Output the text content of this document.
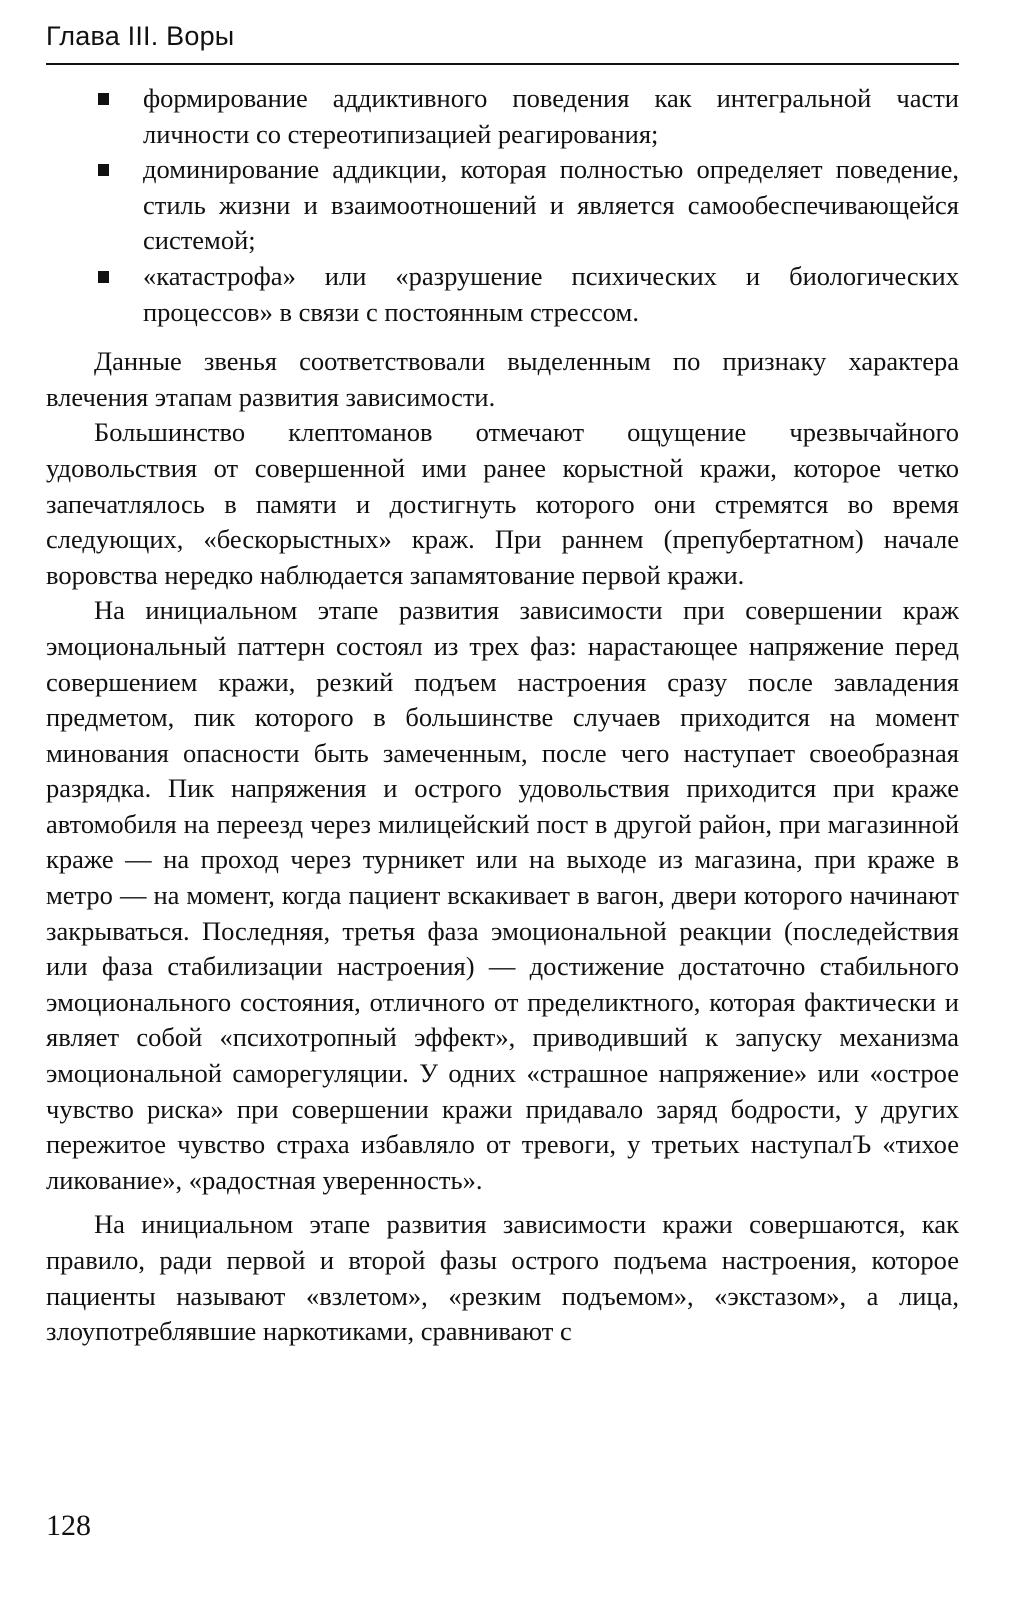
Глава III. Воры
формирование аддиктивного поведения как интегральной части личности со стереотипизацией реагирования;
доминирование аддикции, которая полностью определяет поведение, стиль жизни и взаимоотношений и является самообеспечивающейся системой;
«катастрофа» или «разрушение психических и биологических процессов» в связи с постоянным стрессом.

Данные звенья соответствовали выделенным по признаку характера влечения этапам развития зависимости.

Большинство клептоманов отмечают ощущение чрезвычайного удовольствия от совершенной ими ранее корыстной кражи, которое четко запечатлялось в памяти и достигнуть которого они стремятся во время следующих, «бескорыстных» краж. При раннем (препубертатном) начале воровства нередко наблюдается запамятование первой кражи.

На инициальном этапе развития зависимости при совершении краж эмоциональный паттерн состоял из трех фаз: нарастающее напряжение перед совершением кражи, резкий подъем настроения сразу после завладения предметом, пик которого в большинстве случаев приходится на момент минования опасности быть замеченным, после чего наступает своеобразная разрядка. Пик напряжения и острого удовольствия приходится при краже автомобиля на переезд через милицейский пост в другой район, при магазинной краже — на проход через турникет или на выходе из магазина, при краже в метро — на момент, когда пациент вскакивает в вагон, двери которого начинают закрываться. Последняя, третья фаза эмоциональной реакции (последействия или фаза стабилизации настроения) — достижение достаточно стабильного эмоционального состояния, отличного от пределиктного, которая фактически и являет собой «психотропный эффект», приводивший к запуску механизма эмоциональной саморегуляции. У одних «страшное напряжение» или «острое чувство риска» при совершении кражи придавало заряд бодрости, у других пережитое чувство страха избавляло от тревоги, у третьих наступалЪ «тихое ликование», «радостная уверенность».

На инициальном этапе развития зависимости кражи совершаются, как правило, ради первой и второй фазы острого подъема настроения, которое пациенты называют «взлетом», «резким подъемом», «экстазом», а лица, злоупотреблявшие наркотиками, сравнивают с

128
